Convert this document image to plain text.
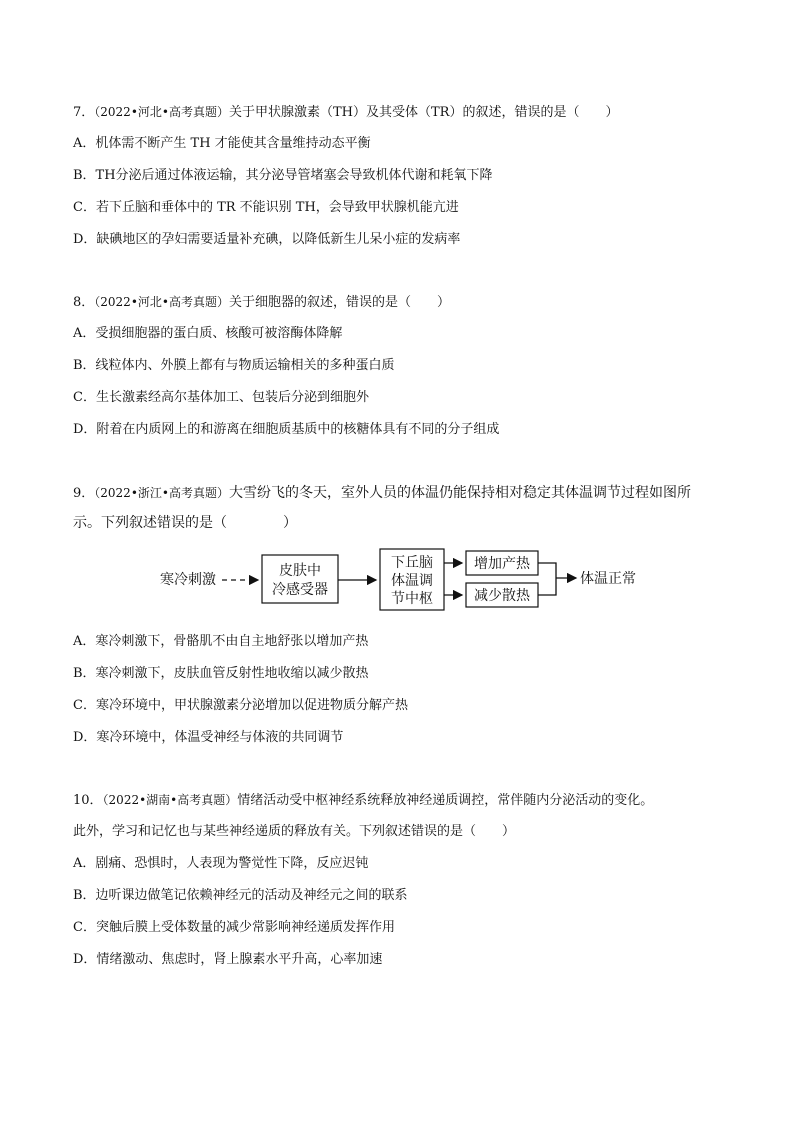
7．（2022•河北•高考真题）关于甲状腺激素（TH）及其受体（TR）的叙述，错误的是（　　）
A．机体需不断产生 TH 才能使其含量维持动态平衡
B．TH分泌后通过体液运输，其分泌导管堵塞会导致机体代谢和耗氧下降
C．若下丘脑和垂体中的 TR 不能识别 TH，会导致甲状腺机能亢进
D．缺碘地区的孕妇需要适量补充碘，以降低新生儿呆小症的发病率
8．（2022•河北•高考真题）关于细胞器的叙述，错误的是（　　）
A．受损细胞器的蛋白质、核酸可被溶酶体降解
B．线粒体内、外膜上都有与物质运输相关的多种蛋白质
C．生长激素经高尔基体加工、包装后分泌到细胞外
D．附着在内质网上的和游离在细胞质基质中的核糖体具有不同的分子组成
9．（2022•浙江•高考真题）大雪纷飞的冬天，室外人员的体温仍能保持相对稳定其体温调节过程如图所
示。下列叙述错误的是（　　　　）
寒冷刺激
皮肤中
冷感受器
下丘脑
体温调
节中枢
增加产热
减少散热
体温正常
A．寒冷刺激下，骨骼肌不由自主地舒张以增加产热
B．寒冷刺激下，皮肤血管反射性地收缩以减少散热
C．寒冷环境中，甲状腺激素分泌增加以促进物质分解产热
D．寒冷环境中，体温受神经与体液的共同调节
10．（2022•湖南•高考真题）情绪活动受中枢神经系统释放神经递质调控，常伴随内分泌活动的变化。
此外，学习和记忆也与某些神经递质的释放有关。下列叙述错误的是（　　）
A．剧痛、恐惧时，人表现为警觉性下降，反应迟钝
B．边听课边做笔记依赖神经元的活动及神经元之间的联系
C．突触后膜上受体数量的减少常影响神经递质发挥作用
D．情绪激动、焦虑时，肾上腺素水平升高，心率加速
